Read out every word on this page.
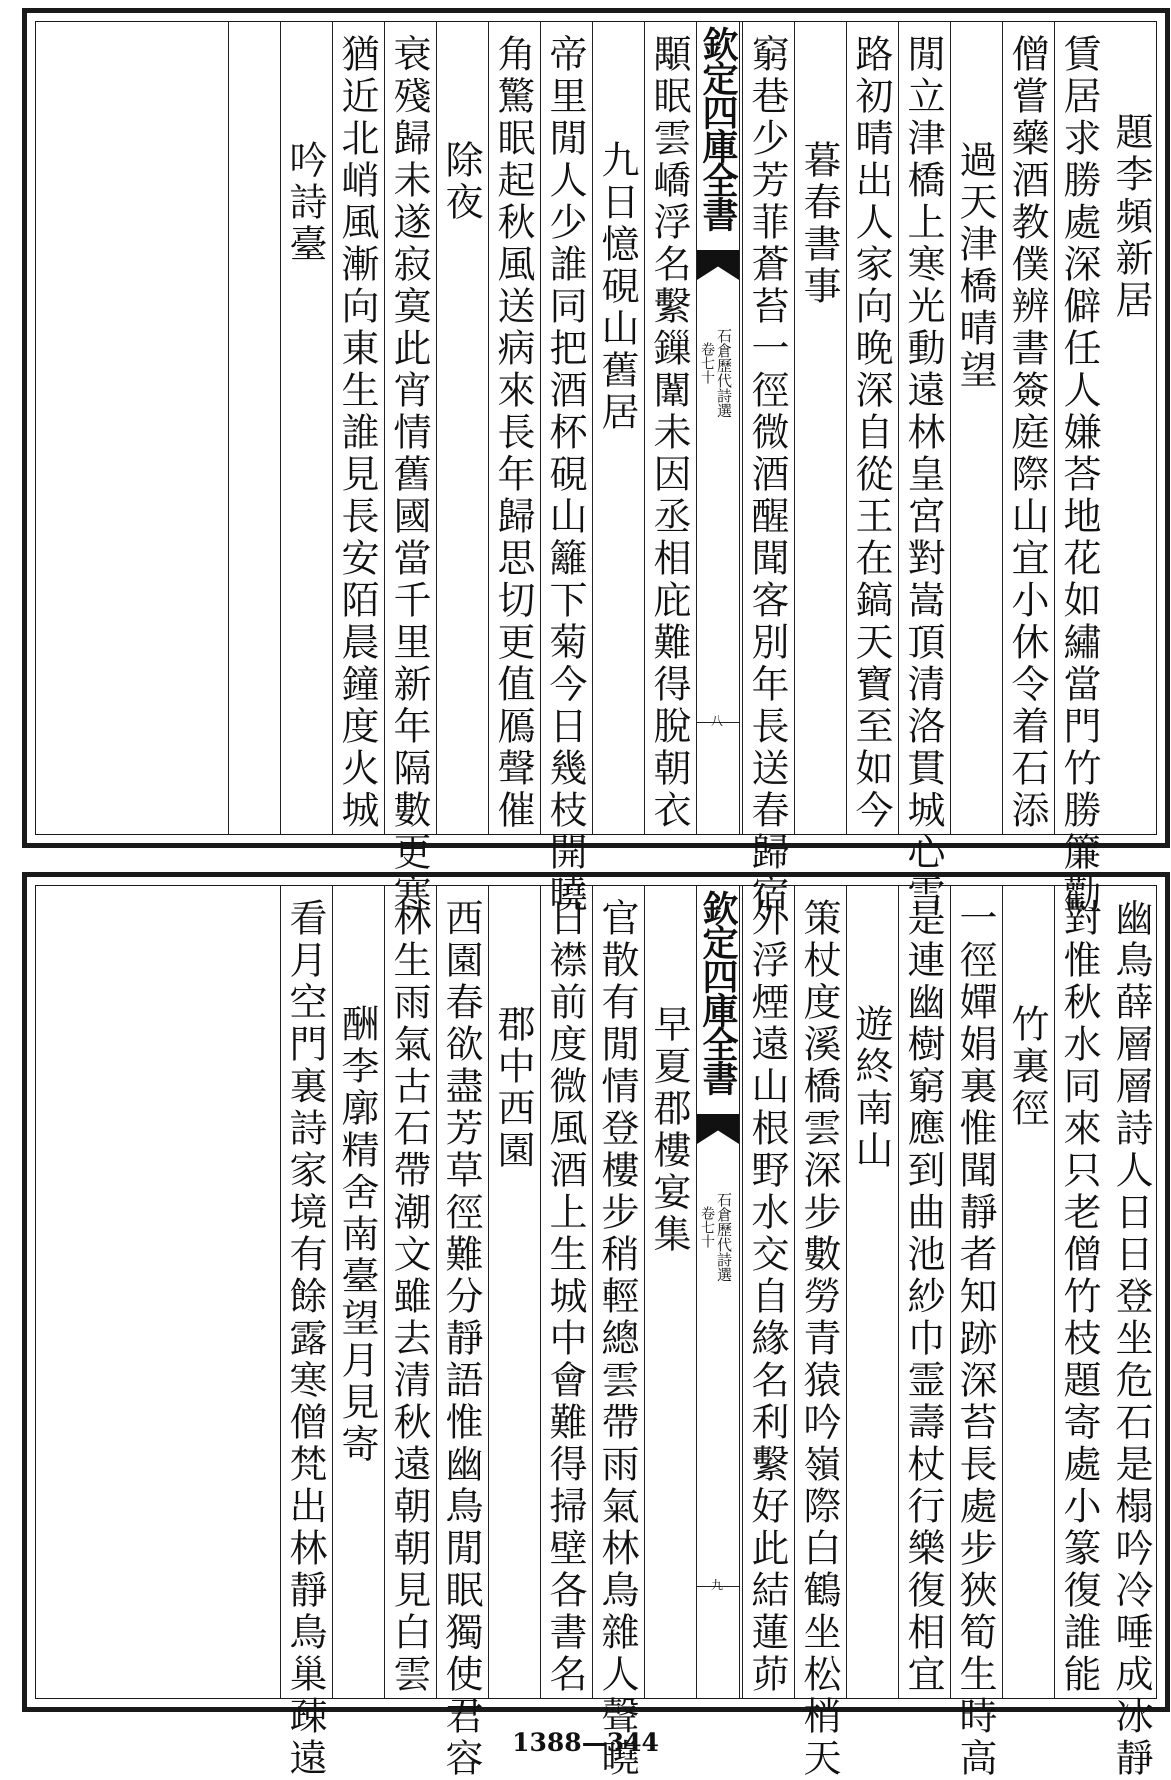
題李頻新居
賃居求勝處深僻任人嫌荅地花如繡當門竹勝簾勸
僧嘗藥酒教僕辨書簽庭際山宜小休令着石添
過天津橋晴望
閒立津橋上寒光動遠林皇宮對嵩頂清洛貫城心雪
路初晴出人家向晚深自從王在鎬天寶至如今
暮春書事
窮巷少芳菲蒼苔一徑微酒醒聞客別年長送春歸宿
欽定四庫全書
石倉歷代詩選
卷七十
八
顒眠雲嶠浮名繫鏁闈未因丞相庇難得脫朝衣
九日憶硯山舊居
帝里閒人少誰同把酒杯硯山籬下菊今日幾枝開曉
角驚眠起秋風送病來長年歸思切更值鴈聲催
除夜
衰殘歸未遂寂寞此宵情舊國當千里新年隔數更寒
猶近北峭風漸向東生誰見長安陌晨鐘度火城
吟詩臺
幽鳥薛層層詩人日日登坐危石是榻吟冷唾成冰靜
對惟秋水同來只老僧竹枝題寄處小篆復誰能
竹裏徑
一徑嬋娟裏惟聞靜者知跡深苔長處步狹筍生時高
是連幽樹窮應到曲池紗巾霊壽杖行樂復相宜
遊終南山
策杖度溪橋雲深步數勞青猿吟嶺際白鶴坐松梢天
外浮煙遠山根野水交自緣名利繫好此結蓮茆
欽定四庫全書
石倉歷代詩選
卷七十
九
早夏郡樓宴集
官散有閒情登樓步稍輕總雲帶雨氣林鳥雜人聲曉
日襟前度微風酒上生城中會難得掃壁各書名
郡中西園
西園春欲盡芳草徑難分靜語惟幽鳥閒眠獨使君容
林生雨氣古石帶潮文雖去清秋遠朝朝見白雲
酬李廓精舍南臺望月見寄
看月空門裏詩家境有餘露寒僧梵出林靜鳥巢疎遠	1388—344
